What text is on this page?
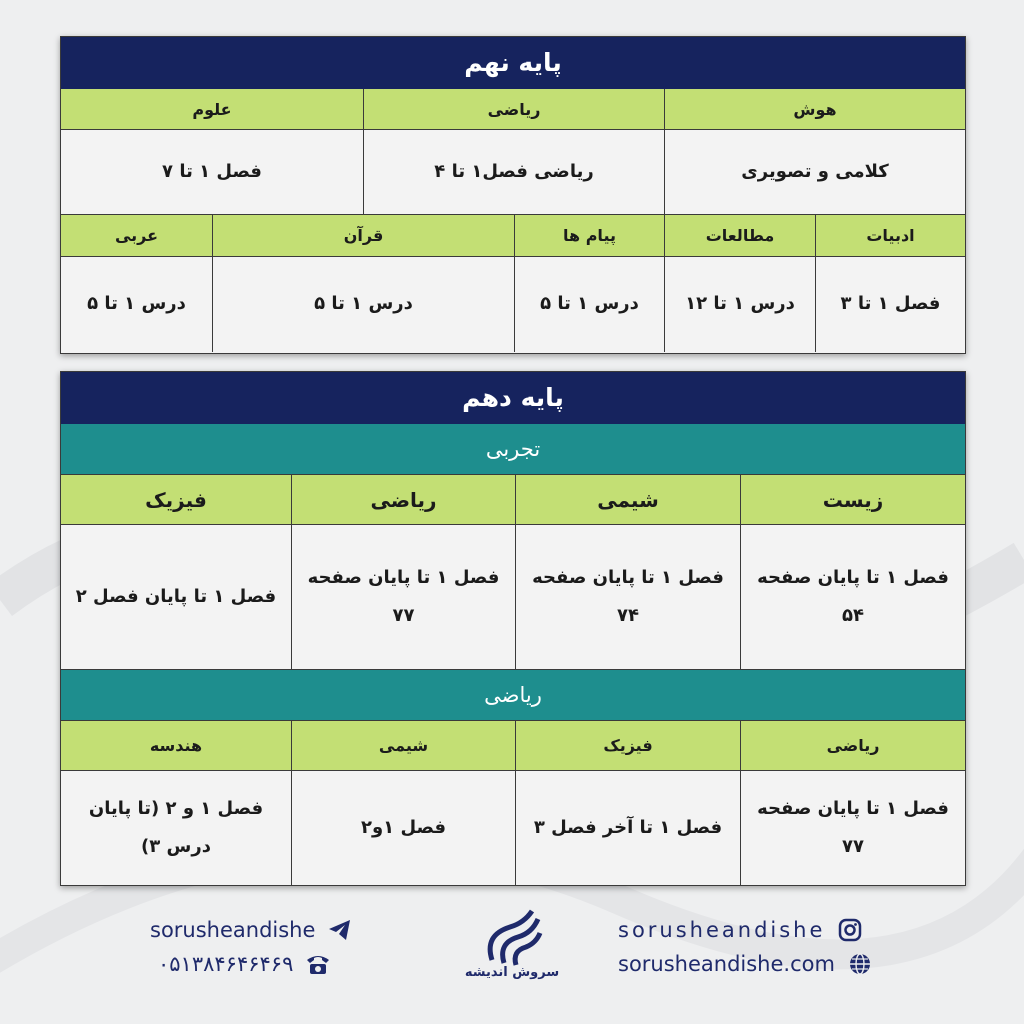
پایه نهم
هوش
ریاضی
علوم
کلامی و تصویری
ریاضی فصل۱ تا ۴
فصل ۱ تا ۷
ادبیات
مطالعات
پیام ها
قرآن
عربی
فصل ۱ تا ۳
درس ۱ تا ۱۲
درس ۱ تا ۵
درس ۱ تا ۵
درس ۱ تا ۵
پایه دهم
تجربی
زیست
شیمی
ریاضی
فیزیک
فصل ۱ تا پایان صفحه ۵۴
فصل ۱ تا پایان صفحه ۷۴
فصل ۱ تا پایان صفحه ۷۷
فصل ۱ تا پایان فصل ۲
ریاضی
ریاضی
فیزیک
شیمی
هندسه
فصل ۱ تا پایان صفحه ۷۷
فصل ۱ تا آخر فصل ۳
فصل ۱و۲
فصل ۱ و ۲ (تا پایان درس ۳)
sorusheandishe
۰۵۱۳۸۴۶۴۶۴۶۹	سروش اندیشه
sorusheandishe
sorusheandishe.com
